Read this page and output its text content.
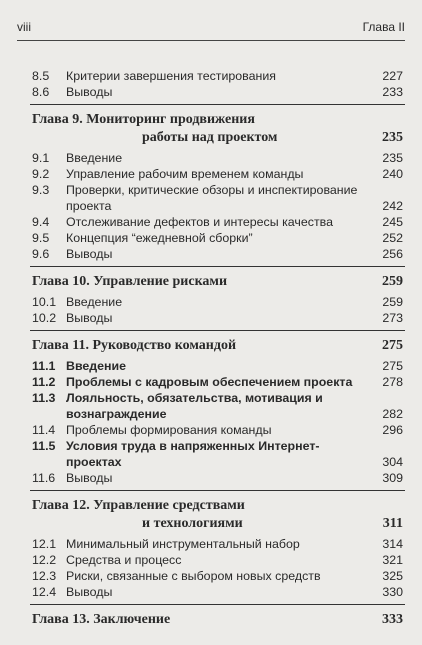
viii	Глава II
8.5	Критерии завершения тестирования	227
8.6	Выводы	233
Глава 9. Мониторинг продвижения
работы над проектом	235
9.1	Введение	235
9.2	Управление рабочим временем команды	240
9.3	Проверки, критические обзоры и инспектирование проекта	242
9.4	Отслеживание дефектов и интересы качества	245
9.5	Концепция “ежедневной сборки”	252
9.6	Выводы	256
Глава 10. Управление рисками	259
10.1 Введение	259
10.2 Выводы	273
Глава 11. Руководство командой	275
11.1 Введение	275
11.2 Проблемы с кадровым обеспечением проекта	278
11.3 Лояльность, обязательства, мотивация и вознаграждение	282
11.4 Проблемы формирования команды	296
11.5 Условия труда в напряженных Интернет-проектах	304
11.6 Выводы	309
Глава 12. Управление средствами
и технологиями	311
12.1 Минимальный инструментальный набор	314
12.2 Средства и процесс	321
12.3 Риски, связанные с выбором новых средств	325
12.4 Выводы	330
Глава 13. Заключение	333
